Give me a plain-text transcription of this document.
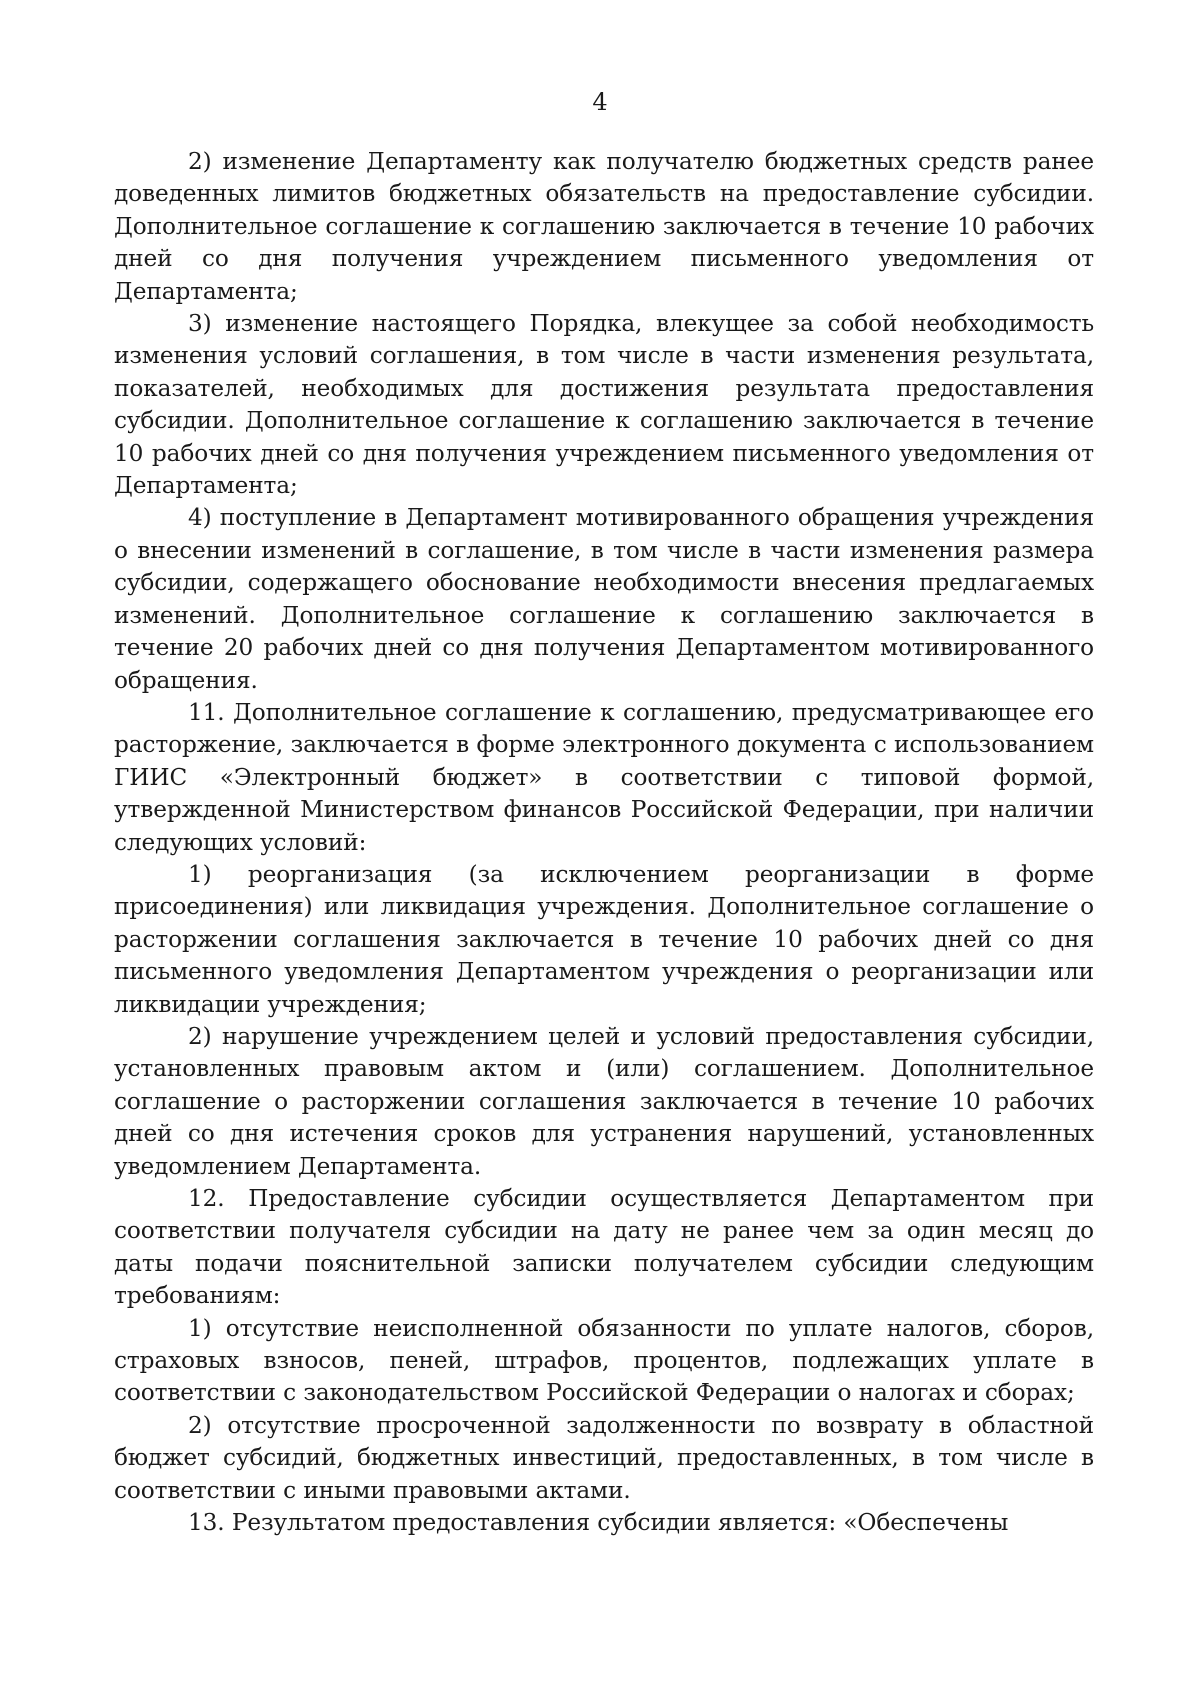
4

2) изменение Департаменту как получателю бюджетных средств ранее доведенных лимитов бюджетных обязательств на предоставление субсидии. Дополнительное соглашение к соглашению заключается в течение 10 рабочих дней со дня получения учреждением письменного уведомления от Департамента;

3) изменение настоящего Порядка, влекущее за собой необходимость изменения условий соглашения, в том числе в части изменения результата, показателей, необходимых для достижения результата предоставления субсидии. Дополнительное соглашение к соглашению заключается в течение 10 рабочих дней со дня получения учреждением письменного уведомления от Департамента;

4) поступление в Департамент мотивированного обращения учреждения о внесении изменений в соглашение, в том числе в части изменения размера субсидии, содержащего обоснование необходимости внесения предлагаемых изменений. Дополнительное соглашение к соглашению заключается в течение 20 рабочих дней со дня получения Департаментом мотивированного обращения.

11. Дополнительное соглашение к соглашению, предусматривающее его расторжение, заключается в форме электронного документа с использованием ГИИС «Электронный бюджет» в соответствии с типовой формой, утвержденной Министерством финансов Российской Федерации, при наличии следующих условий:

1) реорганизация (за исключением реорганизации в форме присоединения) или ликвидация учреждения. Дополнительное соглашение о расторжении соглашения заключается в течение 10 рабочих дней со дня письменного уведомления Департаментом учреждения о реорганизации или ликвидации учреждения;

2) нарушение учреждением целей и условий предоставления субсидии, установленных правовым актом и (или) соглашением. Дополнительное соглашение о расторжении соглашения заключается в течение 10 рабочих дней со дня истечения сроков для устранения нарушений, установленных уведомлением Департамента.

12. Предоставление субсидии осуществляется Департаментом при соответствии получателя субсидии на дату не ранее чем за один месяц до даты подачи пояснительной записки получателем субсидии следующим требованиям:

1) отсутствие неисполненной обязанности по уплате налогов, сборов, страховых взносов, пеней, штрафов, процентов, подлежащих уплате в соответствии с законодательством Российской Федерации о налогах и сборах;

2) отсутствие просроченной задолженности по возврату в областной бюджет субсидий, бюджетных инвестиций, предоставленных, в том числе в соответствии с иными правовыми актами.

13. Результатом предоставления субсидии является: «Обеспечены
